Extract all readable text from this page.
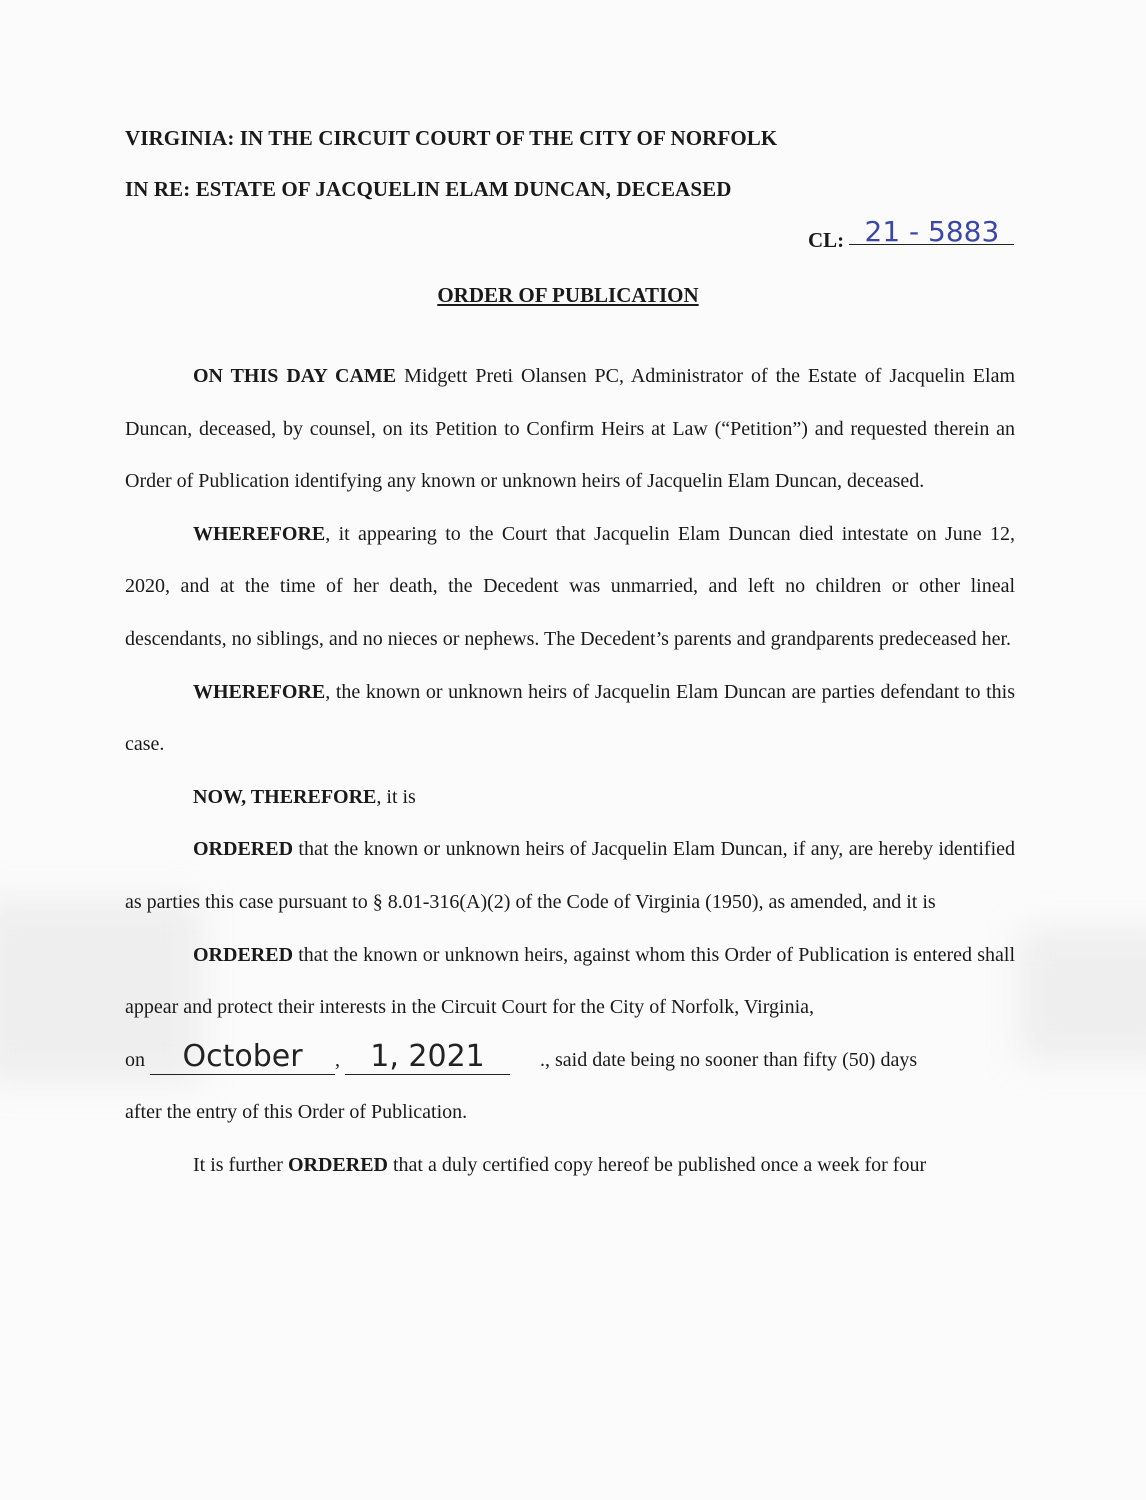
VIRGINIA: IN THE CIRCUIT COURT OF THE CITY OF NORFOLK
IN RE: ESTATE OF JACQUELIN ELAM DUNCAN, DECEASED
CL: 21 - 5883
ORDER OF PUBLICATION

ON THIS DAY CAME Midgett Preti Olansen PC, Administrator of the Estate of Jacquelin Elam Duncan, deceased, by counsel, on its Petition to Confirm Heirs at Law (“Petition”) and requested therein an Order of Publication identifying any known or unknown heirs of Jacquelin Elam Duncan, deceased.

WHEREFORE, it appearing to the Court that Jacquelin Elam Duncan died intestate on June 12, 2020, and at the time of her death, the Decedent was unmarried, and left no children or other lineal descendants, no siblings, and no nieces or nephews. The Decedent’s parents and grandparents predeceased her.

WHEREFORE, the known or unknown heirs of Jacquelin Elam Duncan are parties defendant to this case.

NOW, THEREFORE, it is

ORDERED that the known or unknown heirs of Jacquelin Elam Duncan, if any, are hereby identified as parties this case pursuant to § 8.01-316(A)(2) of the Code of Virginia (1950), as amended, and it is

ORDERED that the known or unknown heirs, against whom this Order of Publication is entered shall appear and protect their interests in the Circuit Court for the City of Norfolk, Virginia,

on October , 1, 2021	., said date being no sooner than fifty (50) days

after the entry of this Order of Publication.

It is further ORDERED that a duly certified copy hereof be published once a week for four
